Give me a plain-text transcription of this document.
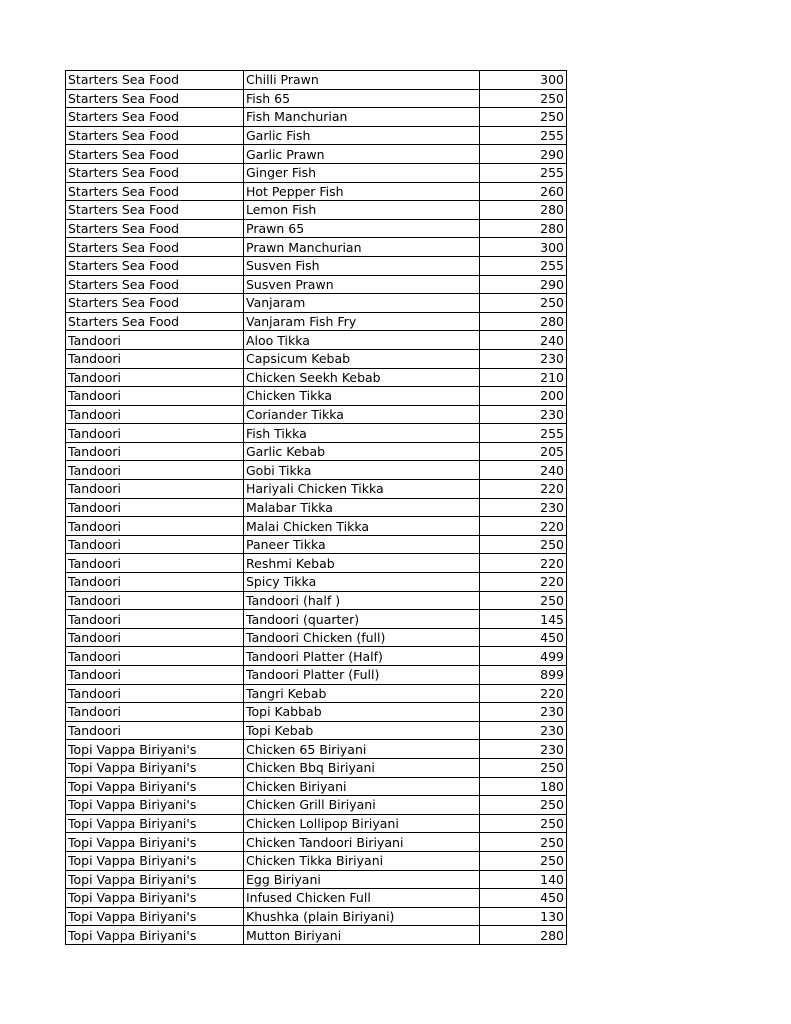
Starters Sea Food	Chilli Prawn	300
Starters Sea Food	Fish 65	250
Starters Sea Food	Fish Manchurian	250
Starters Sea Food	Garlic Fish	255
Starters Sea Food	Garlic Prawn	290
Starters Sea Food	Ginger Fish	255
Starters Sea Food	Hot Pepper Fish	260
Starters Sea Food	Lemon Fish	280
Starters Sea Food	Prawn 65	280
Starters Sea Food	Prawn Manchurian	300
Starters Sea Food	Susven Fish	255
Starters Sea Food	Susven Prawn	290
Starters Sea Food	Vanjaram	250
Starters Sea Food	Vanjaram Fish Fry	280
Tandoori	Aloo Tikka	240
Tandoori	Capsicum Kebab	230
Tandoori	Chicken Seekh Kebab	210
Tandoori	Chicken Tikka	200
Tandoori	Coriander Tikka	230
Tandoori	Fish Tikka	255
Tandoori	Garlic Kebab	205
Tandoori	Gobi Tikka	240
Tandoori	Hariyali Chicken Tikka	220
Tandoori	Malabar Tikka	230
Tandoori	Malai Chicken Tikka	220
Tandoori	Paneer Tikka	250
Tandoori	Reshmi Kebab	220
Tandoori	Spicy Tikka	220
Tandoori	Tandoori (half )	250
Tandoori	Tandoori (quarter)	145
Tandoori	Tandoori Chicken (full)	450
Tandoori	Tandoori Platter (Half)	499
Tandoori	Tandoori Platter (Full)	899
Tandoori	Tangri Kebab	220
Tandoori	Topi Kabbab	230
Tandoori	Topi Kebab	230
Topi Vappa Biriyani's	Chicken 65 Biriyani	230
Topi Vappa Biriyani's	Chicken Bbq Biriyani	250
Topi Vappa Biriyani's	Chicken Biriyani	180
Topi Vappa Biriyani's	Chicken Grill Biriyani	250
Topi Vappa Biriyani's	Chicken Lollipop Biriyani	250
Topi Vappa Biriyani's	Chicken Tandoori Biriyani	250
Topi Vappa Biriyani's	Chicken Tikka Biriyani	250
Topi Vappa Biriyani's	Egg Biriyani	140
Topi Vappa Biriyani's	Infused Chicken Full	450
Topi Vappa Biriyani's	Khushka (plain Biriyani)	130
Topi Vappa Biriyani's	Mutton Biriyani	280
